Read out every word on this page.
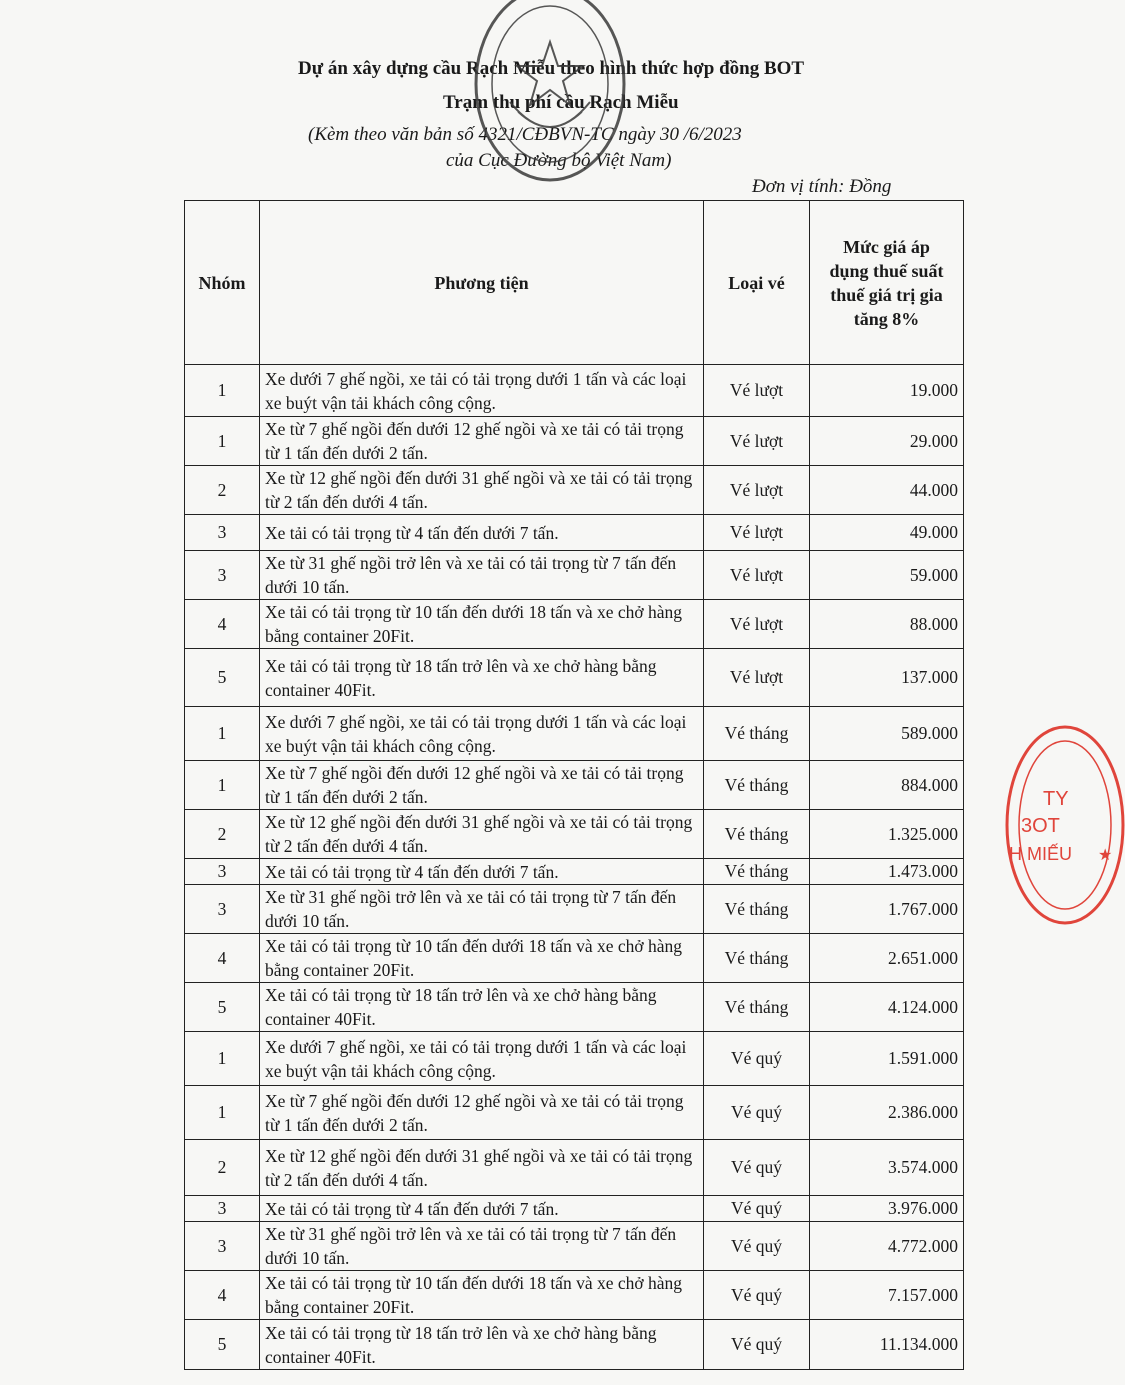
Dự án xây dựng cầu Rạch Miễu theo hình thức hợp đồng BOT
Trạm thu phí cầu Rạch Miễu
(Kèm theo văn bản số 4321/CĐBVN-TC ngày 30 /6/2023
của Cục Đường bộ Việt Nam)
Đơn vị tính: Đồng
TY
3OT
H MIẾU ★
Nhóm	Phương tiện	Loại vé	Mức giá áp
dụng thuế suất
thuế giá trị gia
tăng 8%

1	Xe dưới 7 ghế ngồi, xe tải có tải trọng dưới 1 tấn và các loại xe buýt vận tải khách công cộng.	Vé lượt	19.000
1	Xe từ 7 ghế ngồi đến dưới 12 ghế ngồi và xe tải có tải trọng từ 1 tấn đến dưới 2 tấn.	Vé lượt	29.000
2	Xe từ 12 ghế ngồi đến dưới 31 ghế ngồi và xe tải có tải trọng từ 2 tấn đến dưới 4 tấn.	Vé lượt	44.000
3	Xe tải có tải trọng từ 4 tấn đến dưới 7 tấn.	Vé lượt	49.000
3	Xe từ 31 ghế ngồi trở lên và xe tải có tải trọng từ 7 tấn đến dưới 10 tấn.	Vé lượt	59.000
4	Xe tải có tải trọng từ 10 tấn đến dưới 18 tấn và xe chở hàng bằng container 20Fit.	Vé lượt	88.000
5	Xe tải có tải trọng từ 18 tấn trở lên và xe chở hàng bằng container 40Fit.	Vé lượt	137.000
1	Xe dưới 7 ghế ngồi, xe tải có tải trọng dưới 1 tấn và các loại xe buýt vận tải khách công cộng.	Vé tháng	589.000
1	Xe từ 7 ghế ngồi đến dưới 12 ghế ngồi và xe tải có tải trọng từ 1 tấn đến dưới 2 tấn.	Vé tháng	884.000
2	Xe từ 12 ghế ngồi đến dưới 31 ghế ngồi và xe tải có tải trọng từ 2 tấn đến dưới 4 tấn.	Vé tháng	1.325.000
3	Xe tải có tải trọng từ 4 tấn đến dưới 7 tấn.	Vé tháng	1.473.000
3	Xe từ 31 ghế ngồi trở lên và xe tải có tải trọng từ 7 tấn đến dưới 10 tấn.	Vé tháng	1.767.000
4	Xe tải có tải trọng từ 10 tấn đến dưới 18 tấn và xe chở hàng bằng container 20Fit.	Vé tháng	2.651.000
5	Xe tải có tải trọng từ 18 tấn trở lên và xe chở hàng bằng container 40Fit.	Vé tháng	4.124.000
1	Xe dưới 7 ghế ngồi, xe tải có tải trọng dưới 1 tấn và các loại xe buýt vận tải khách công cộng.	Vé quý	1.591.000
1	Xe từ 7 ghế ngồi đến dưới 12 ghế ngồi và xe tải có tải trọng từ 1 tấn đến dưới 2 tấn.	Vé quý	2.386.000
2	Xe từ 12 ghế ngồi đến dưới 31 ghế ngồi và xe tải có tải trọng từ 2 tấn đến dưới 4 tấn.	Vé quý	3.574.000
3	Xe tải có tải trọng từ 4 tấn đến dưới 7 tấn.	Vé quý	3.976.000
3	Xe từ 31 ghế ngồi trở lên và xe tải có tải trọng từ 7 tấn đến dưới 10 tấn.	Vé quý	4.772.000
4	Xe tải có tải trọng từ 10 tấn đến dưới 18 tấn và xe chở hàng bằng container 20Fit.	Vé quý	7.157.000
5	Xe tải có tải trọng từ 18 tấn trở lên và xe chở hàng bằng container 40Fit.	Vé quý	11.134.000
